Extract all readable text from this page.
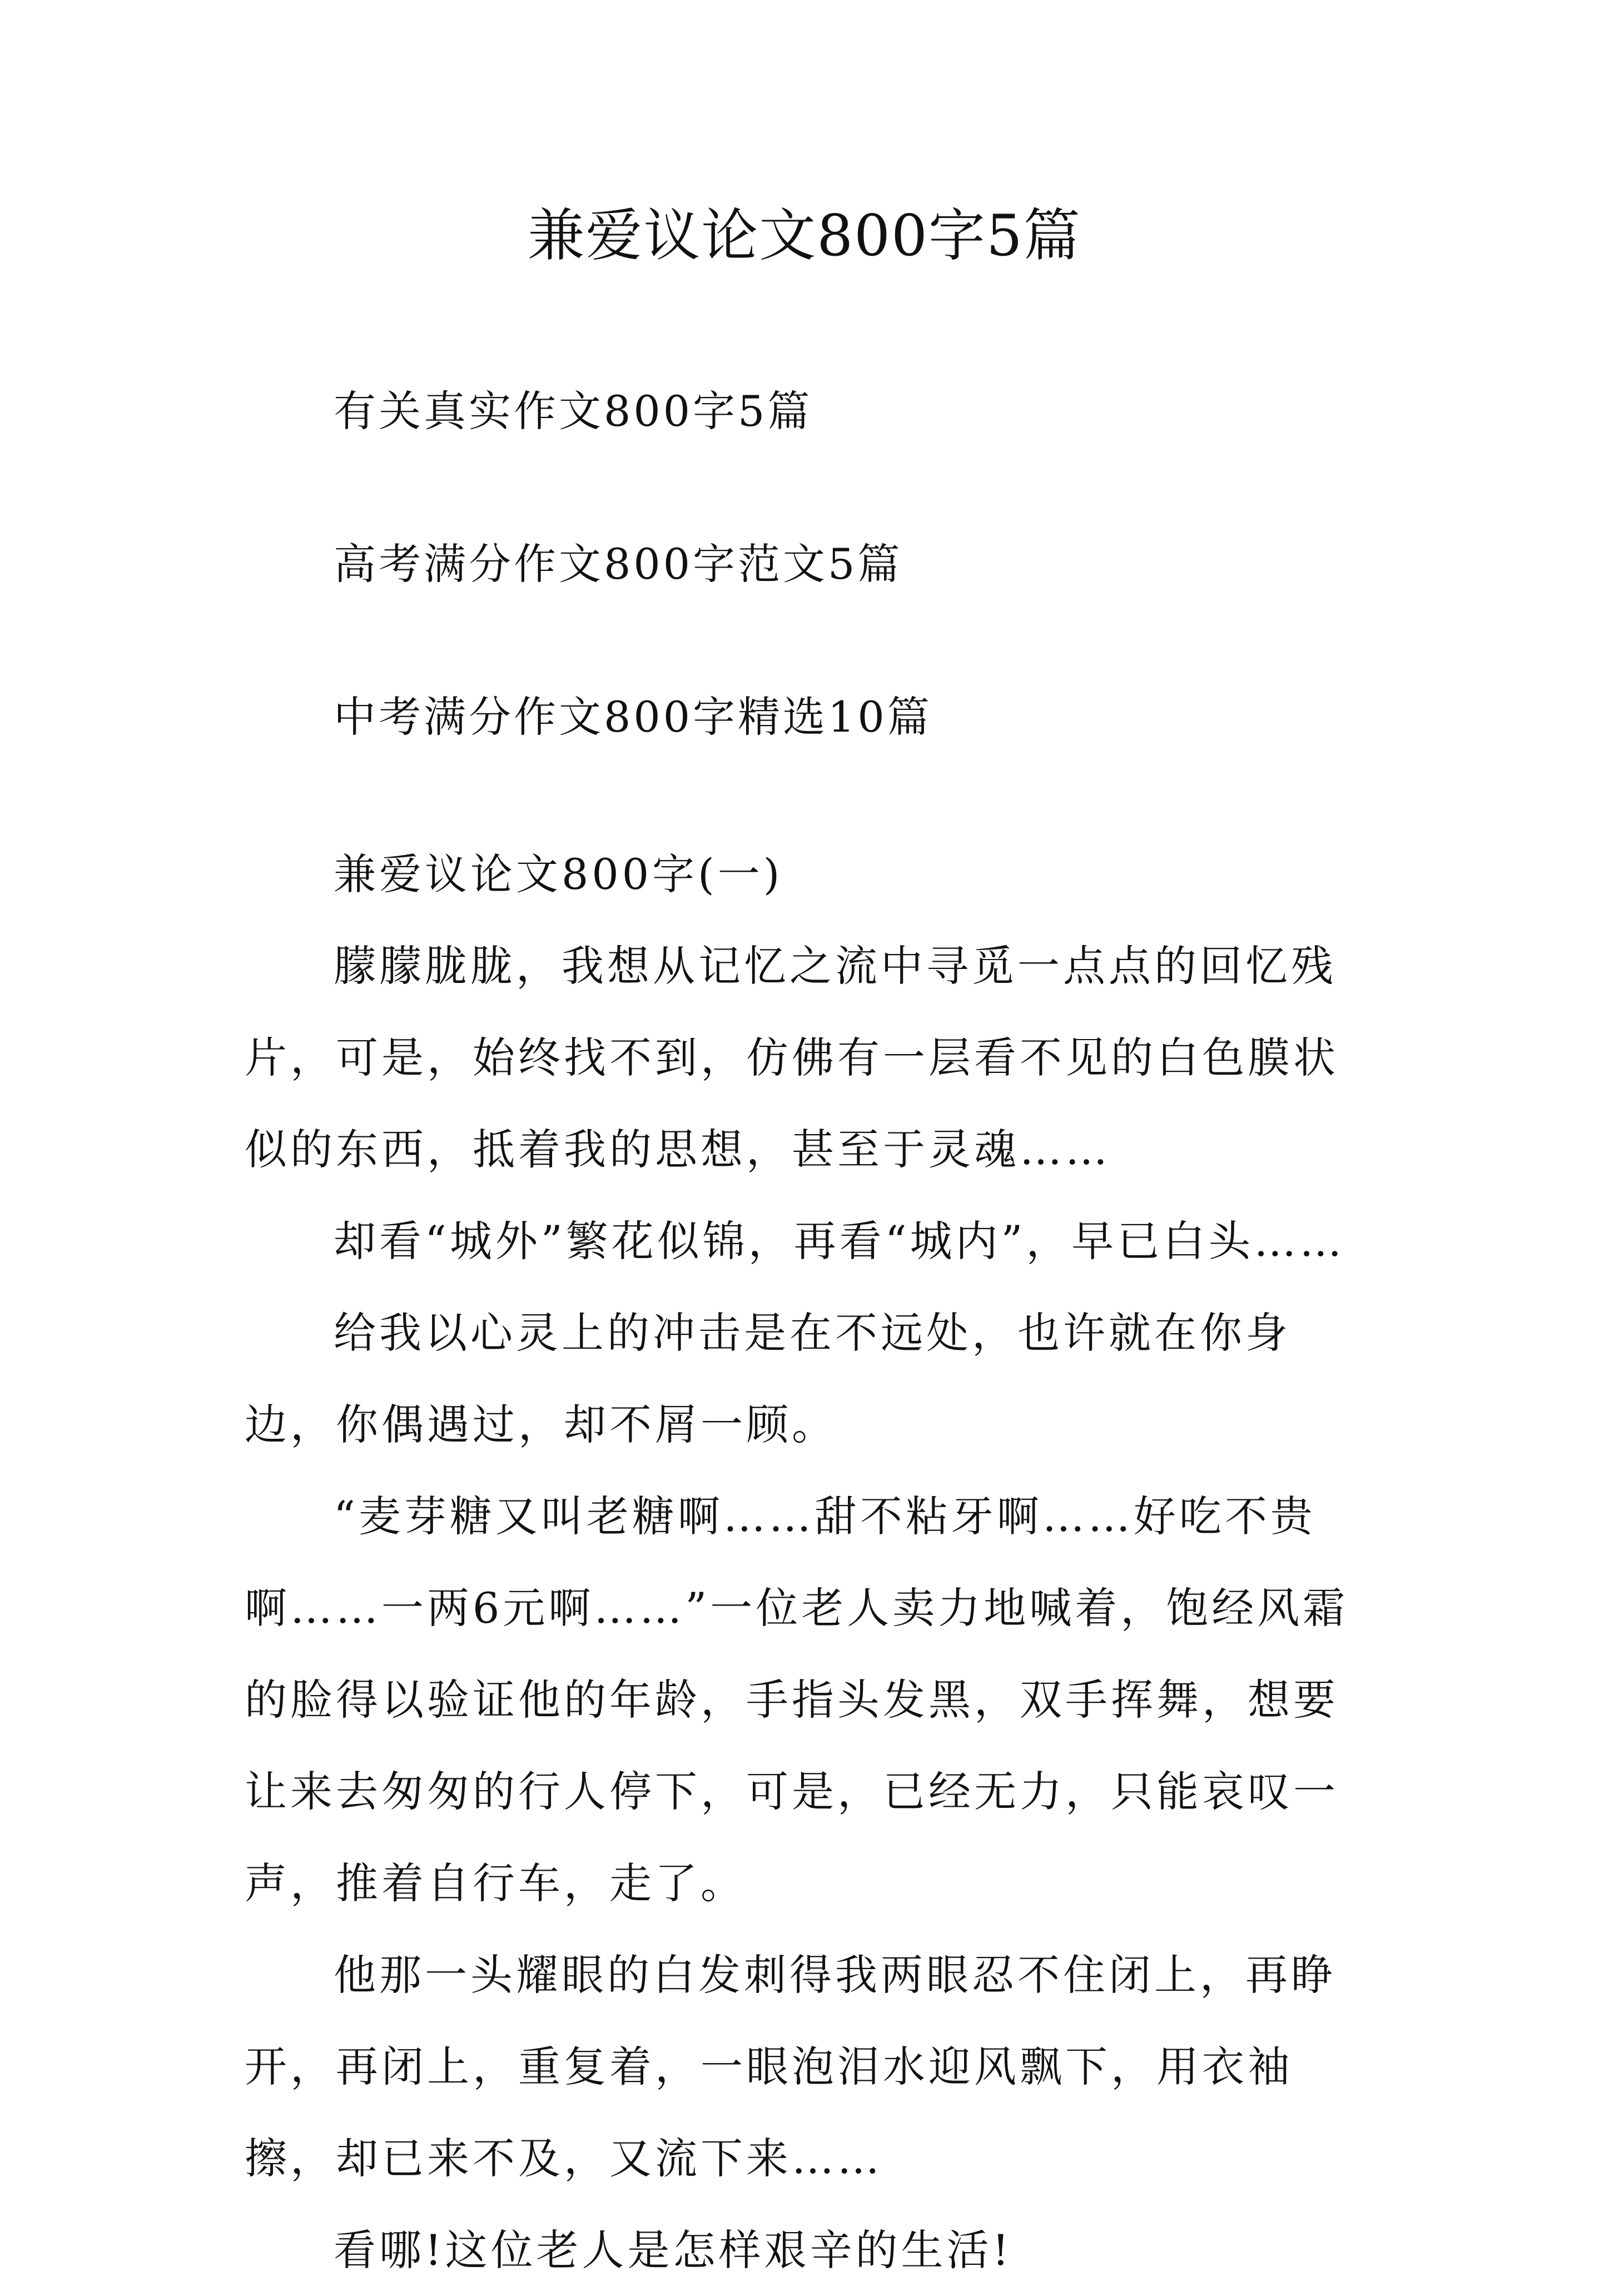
兼爱议论文800字5篇
有关真实作文800字5篇
高考满分作文800字范文5篇
中考满分作文800字精选10篇

兼爱议论文800字(一)

朦朦胧胧，我想从记忆之流中寻觅一点点的回忆残片，可是，始终找不到，仿佛有一层看不见的白色膜状似的东西，抵着我的思想，甚至于灵魂……

却看“城外”繁花似锦，再看“城内”，早已白头……

给我以心灵上的冲击是在不远处，也许就在你身边，你偶遇过，却不屑一顾。

“麦芽糖又叫老糖啊……甜不粘牙啊……好吃不贵啊……一两6元啊……”一位老人卖力地喊着，饱经风霜的脸得以验证他的年龄，手指头发黑，双手挥舞，想要让来去匆匆的行人停下，可是，已经无力，只能哀叹一声，推着自行车，走了。

他那一头耀眼的白发刺得我两眼忍不住闭上，再睁开，再闭上，重复着，一眼泡泪水迎风飘下，用衣袖擦，却已来不及，又流下来……

看哪!这位老人是怎样艰辛的生活!
